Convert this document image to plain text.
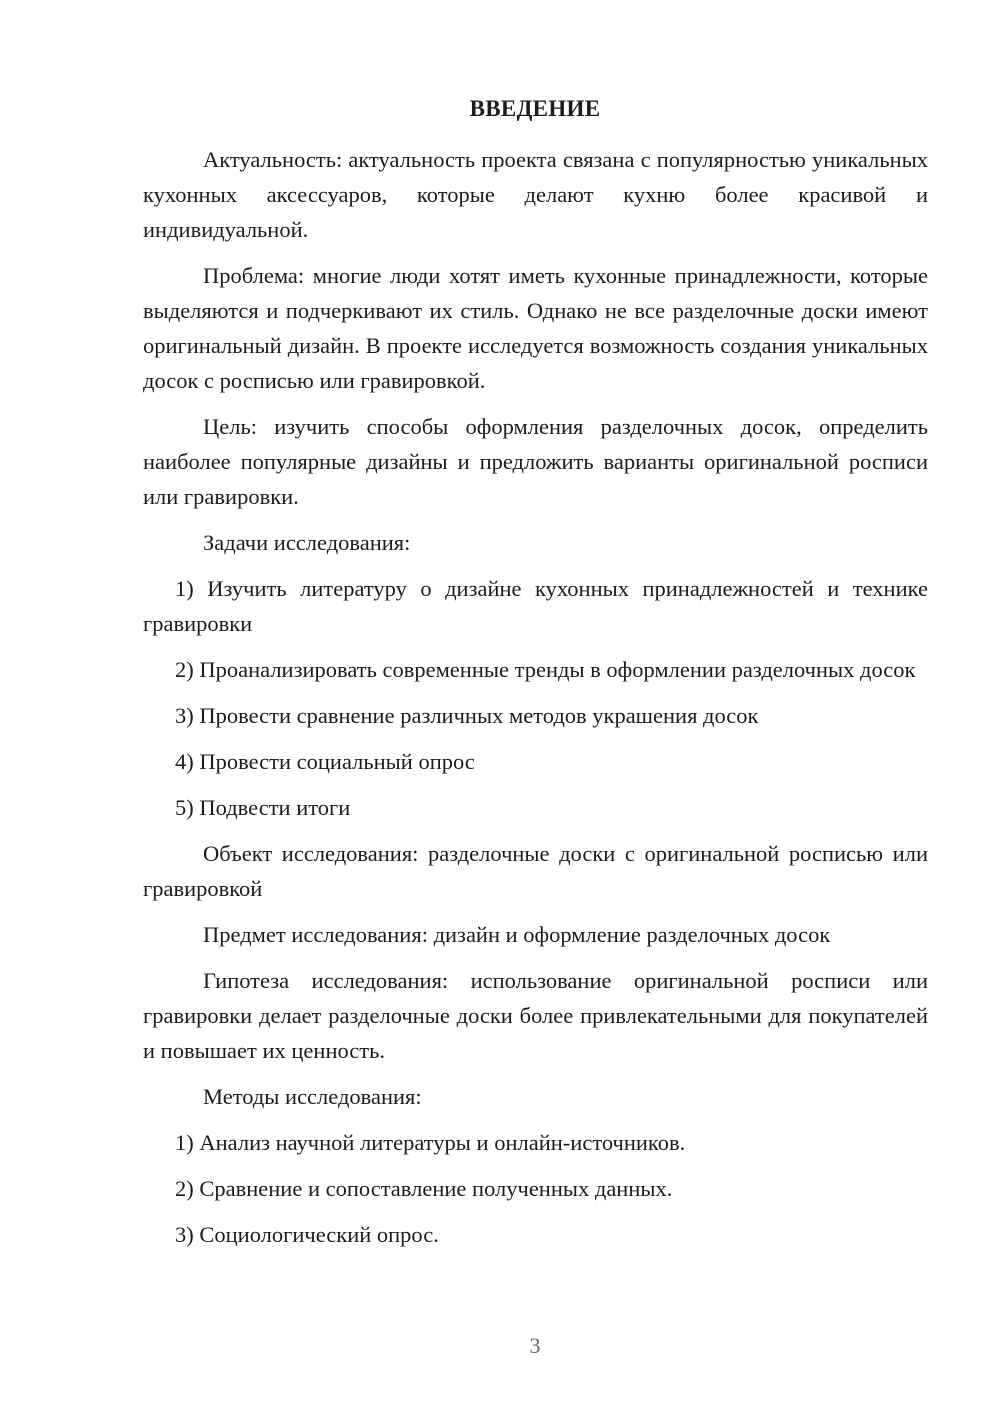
ВВЕДЕНИЕ

Актуальность: актуальность проекта связана с популярностью уникальных кухонных аксессуаров, которые делают кухню более красивой и индивидуальной.

Проблема: многие люди хотят иметь кухонные принадлежности, которые выделяются и подчеркивают их стиль. Однако не все разделочные доски имеют оригинальный дизайн. В проекте исследуется возможность создания уникальных досок с росписью или гравировкой.

Цель: изучить способы оформления разделочных досок, определить наиболее популярные дизайны и предложить варианты оригинальной росписи или гравировки.

Задачи исследования:

1) Изучить литературу о дизайне кухонных принадлежностей и технике гравировки

2) Проанализировать современные тренды в оформлении разделочных досок

3) Провести сравнение различных методов украшения досок

4) Провести социальный опрос

5) Подвести итоги

Объект исследования: разделочные доски с оригинальной росписью или гравировкой

Предмет исследования: дизайн и оформление разделочных досок

Гипотеза исследования: использование оригинальной росписи или гравировки делает разделочные доски более привлекательными для покупателей и повышает их ценность.

Методы исследования:

1) Анализ научной литературы и онлайн-источников.

2) Сравнение и сопоставление полученных данных.

3) Социологический опрос.

3
